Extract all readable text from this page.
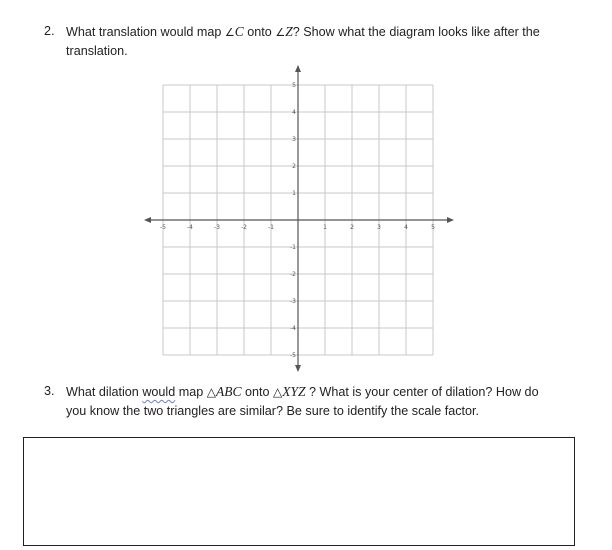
2. What translation would map ∠C onto ∠Z? Show what the diagram looks like after the
translation.
-5	-4	-3	-2	-1	1	2	3	4	5
5
4
3
2
1
-1
-2
-3
-4
-5
3. What dilation would map △ABC onto △XYZ ? What is your center of dilation? How do
you know the two triangles are similar? Be sure to identify the scale factor.
